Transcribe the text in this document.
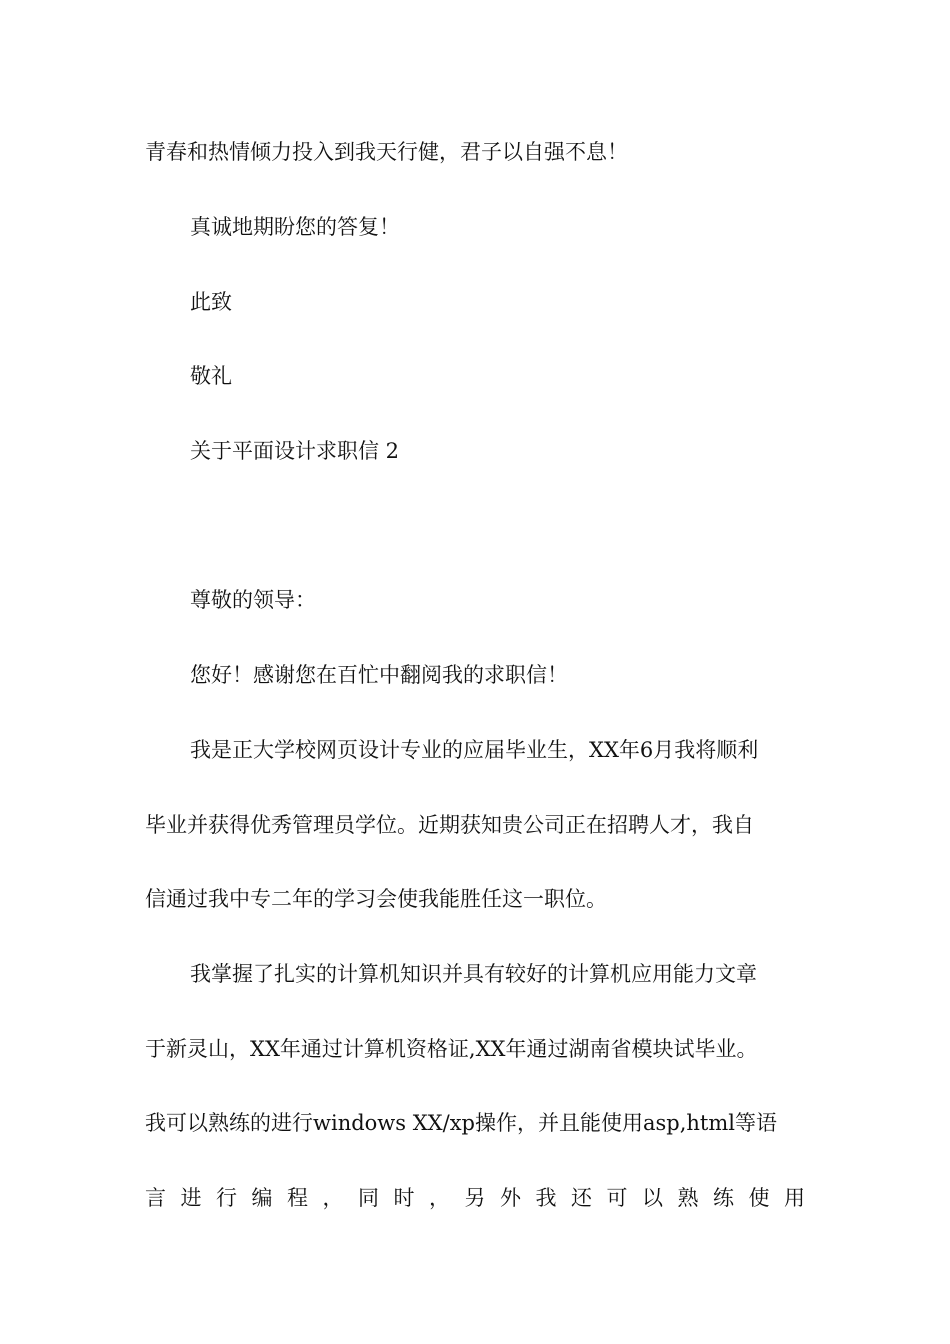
青春和热情倾力投入到我天行健，君子以自强不息！
真诚地期盼您的答复！
此致
敬礼
关于平面设计求职信 2
尊敬的领导：
您好！感谢您在百忙中翻阅我的求职信！
我是正大学校网页设计专业的应届毕业生，XX年6月我将顺利
毕业并获得优秀管理员学位。近期获知贵公司正在招聘人才，我自
信通过我中专二年的学习会使我能胜任这一职位。
我掌握了扎实的计算机知识并具有较好的计算机应用能力文章
于新灵山，XX年通过计算机资格证,XX年通过湖南省模块试毕业。
我可以熟练的进行windows XX/xp操作，并且能使用asp,html等语
言 进 行 编 程 ， 同 时 ， 另 外 我 还 可 以 熟 练 使 用
